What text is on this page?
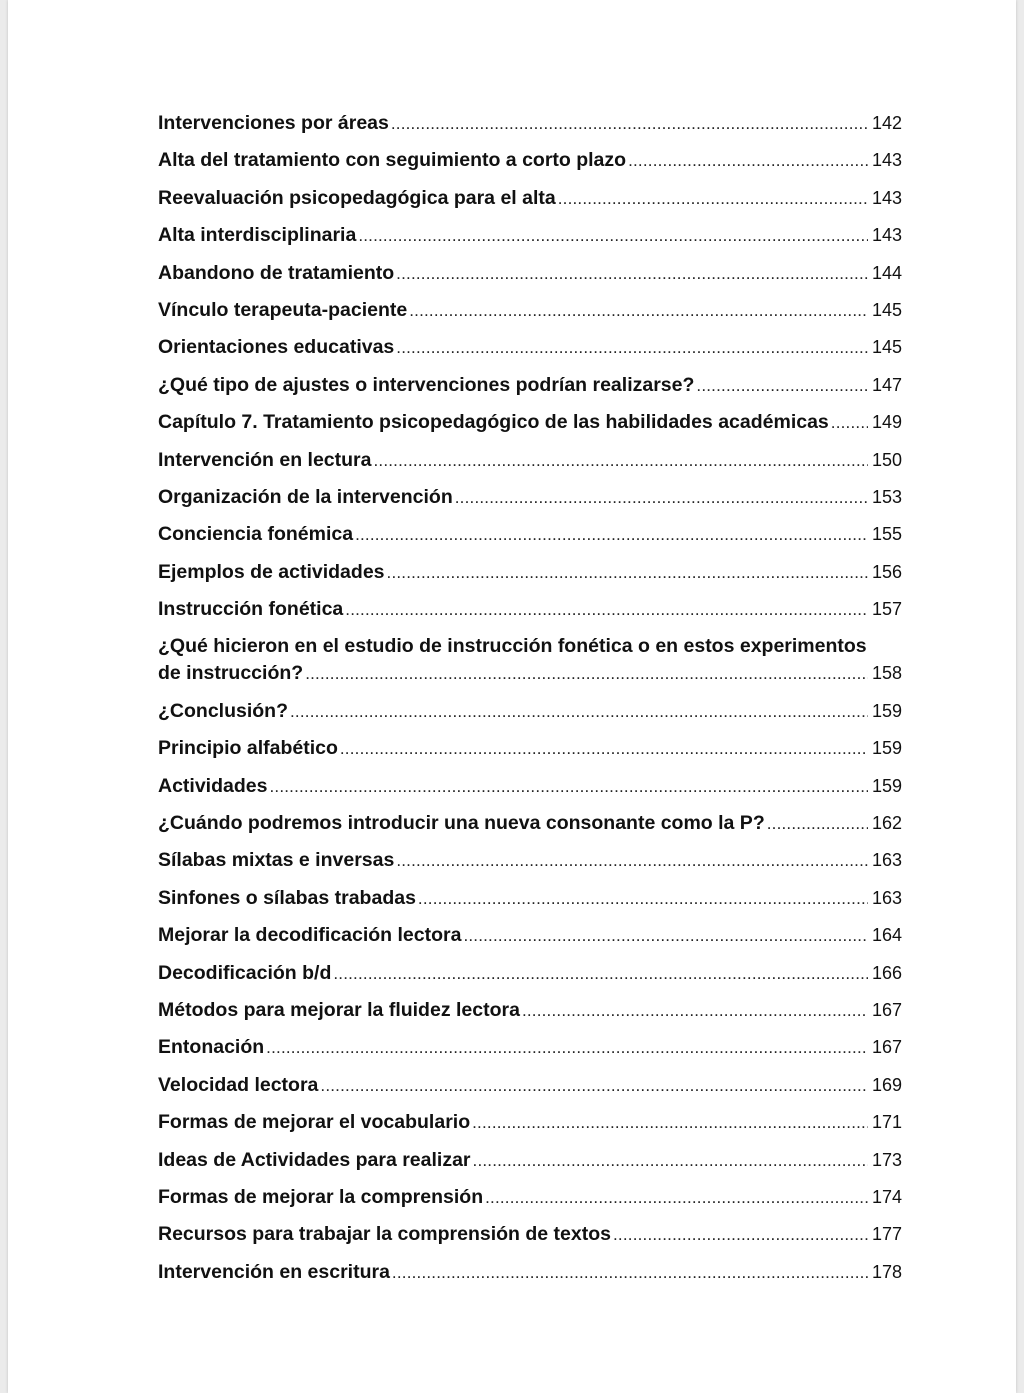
Intervenciones por áreas .....	142
Alta del tratamiento con seguimiento a corto plazo .....	143
Reevaluación psicopedagógica para el alta .....	143
Alta interdisciplinaria .....	143
Abandono de tratamiento .....	144
Vínculo terapeuta-paciente .....	145
Orientaciones educativas .....	145
¿Qué tipo de ajustes o intervenciones podrían realizarse? .....	147
Capítulo 7. Tratamiento psicopedagógico de las habilidades académicas ..... 149
Intervención en lectura .....	150
Organización de la intervención .....	153
Conciencia fonémica .....	155
Ejemplos de actividades .....	156
Instrucción fonética .....	157
¿Qué hicieron en el estudio de instrucción fonética o en estos experimentos
de instrucción? .....	158
¿Conclusión? .....	159
Principio alfabético .....	159
Actividades .....	159
¿Cuándo podremos introducir una nueva consonante como la P? .....	162
Sílabas mixtas e inversas .....	163
Sinfones o sílabas trabadas .....	163
Mejorar la decodificación lectora .....	164
Decodificación b/d .....	166
Métodos para mejorar la fluidez lectora .....	167
Entonación .....	167
Velocidad lectora .....	169
Formas de mejorar el vocabulario .....	171
Ideas de Actividades para realizar .....	173
Formas de mejorar la comprensión .....	174
Recursos para trabajar la comprensión de textos .....	177
Intervención en escritura .....	178
